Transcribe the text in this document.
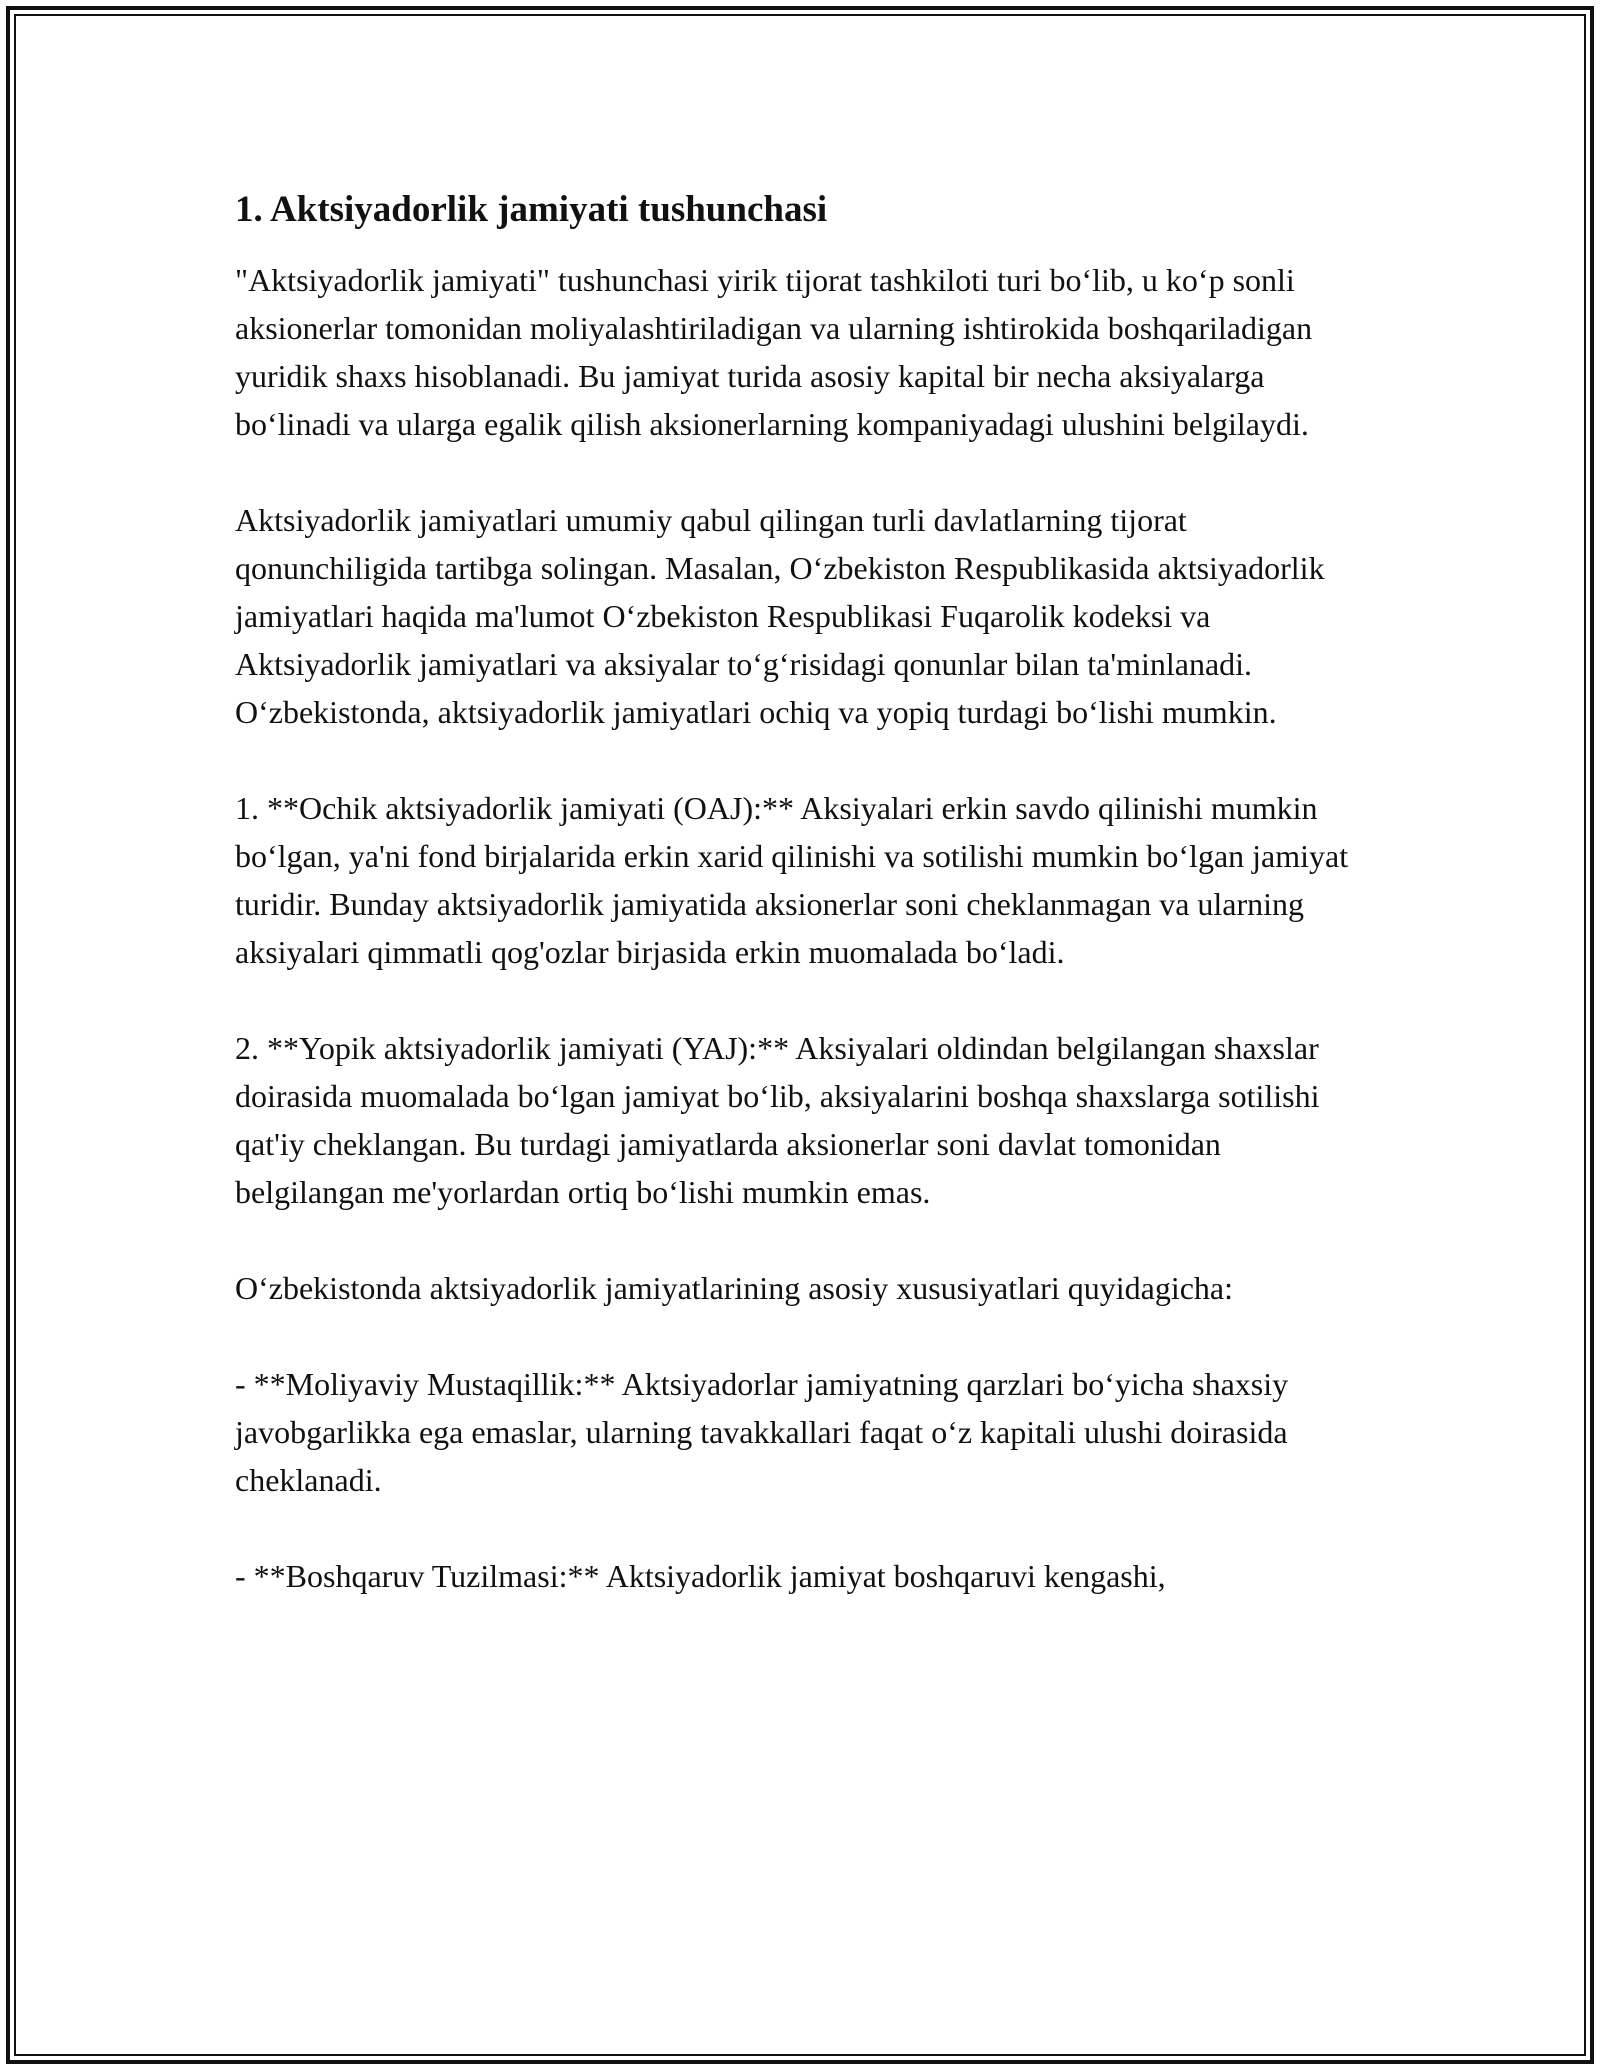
1. Aktsiyadorlik jamiyati tushunchasi

"Aktsiyadorlik jamiyati" tushunchasi yirik tijorat tashkiloti turi bo‘lib, u ko‘p sonli aksionerlar tomonidan moliyalashtiriladigan va ularning ishtirokida boshqariladigan yuridik shaxs hisoblanadi. Bu jamiyat turida asosiy kapital bir necha aksiyalarga bo‘linadi va ularga egalik qilish aksionerlarning kompaniyadagi ulushini belgilaydi.

Aktsiyadorlik jamiyatlari umumiy qabul qilingan turli davlatlarning tijorat qonunchiligida tartibga solingan. Masalan, O‘zbekiston Respublikasida aktsiyadorlik jamiyatlari haqida ma'lumot O‘zbekiston Respublikasi Fuqarolik kodeksi va Aktsiyadorlik jamiyatlari va aksiyalar to‘g‘risidagi qonunlar bilan ta'minlanadi. O‘zbekistonda, aktsiyadorlik jamiyatlari ochiq va yopiq turdagi bo‘lishi mumkin.

1. **Ochik aktsiyadorlik jamiyati (OAJ):** Aksiyalari erkin savdo qilinishi mumkin bo‘lgan, ya'ni fond birjalarida erkin xarid qilinishi va sotilishi mumkin bo‘lgan jamiyat turidir. Bunday aktsiyadorlik jamiyatida aksionerlar soni cheklanmagan va ularning aksiyalari qimmatli qog'ozlar birjasida erkin muomalada bo‘ladi.

2. **Yopik aktsiyadorlik jamiyati (YAJ):** Aksiyalari oldindan belgilangan shaxslar doirasida muomalada bo‘lgan jamiyat bo‘lib, aksiyalarini boshqa shaxslarga sotilishi qat'iy cheklangan. Bu turdagi jamiyatlarda aksionerlar soni davlat tomonidan belgilangan me'yorlardan ortiq bo‘lishi mumkin emas.

O‘zbekistonda aktsiyadorlik jamiyatlarining asosiy xususiyatlari quyidagicha:

- **Moliyaviy Mustaqillik:** Aktsiyadorlar jamiyatning qarzlari bo‘yicha shaxsiy javobgarlikka ega emaslar, ularning tavakkallari faqat o‘z kapitali ulushi doirasida cheklanadi.

- **Boshqaruv Tuzilmasi:** Aktsiyadorlik jamiyat boshqaruvi kengashi,
